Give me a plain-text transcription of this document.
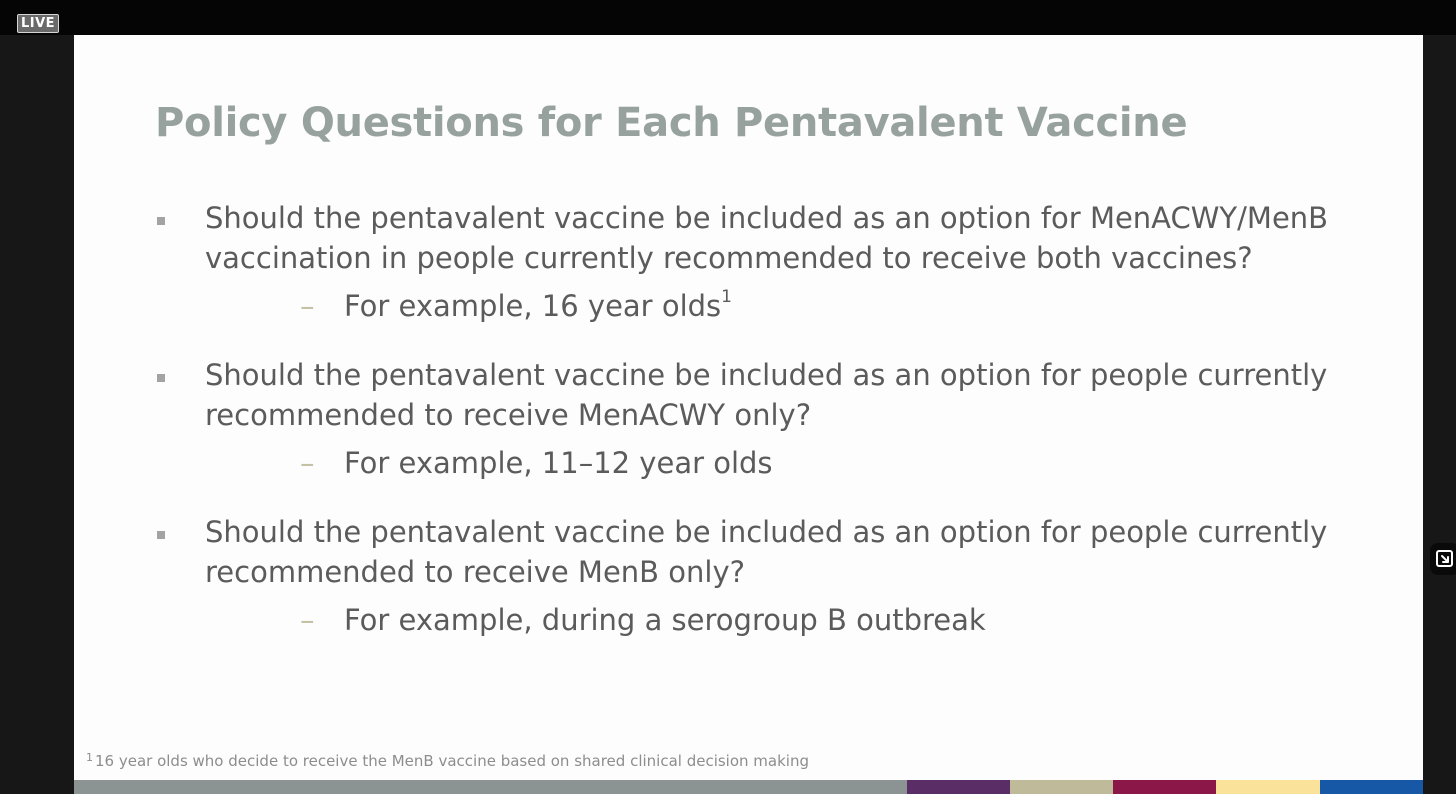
LIVE
Policy Questions for Each Pentavalent Vaccine
Should the pentavalent vaccine be included as an option for MenACWY/MenB vaccination in people currently recommended to receive both vaccines?
– For example, 16 year olds$^1$
Should the pentavalent vaccine be included as an option for people currently recommended to receive MenACWY only?
– For example, 11–12 year olds
Should the pentavalent vaccine be included as an option for people currently recommended to receive MenB only?
– For example, during a serogroup B outbreak
$^1$ 16 year olds who decide to receive the MenB vaccine based on shared clinical decision making
